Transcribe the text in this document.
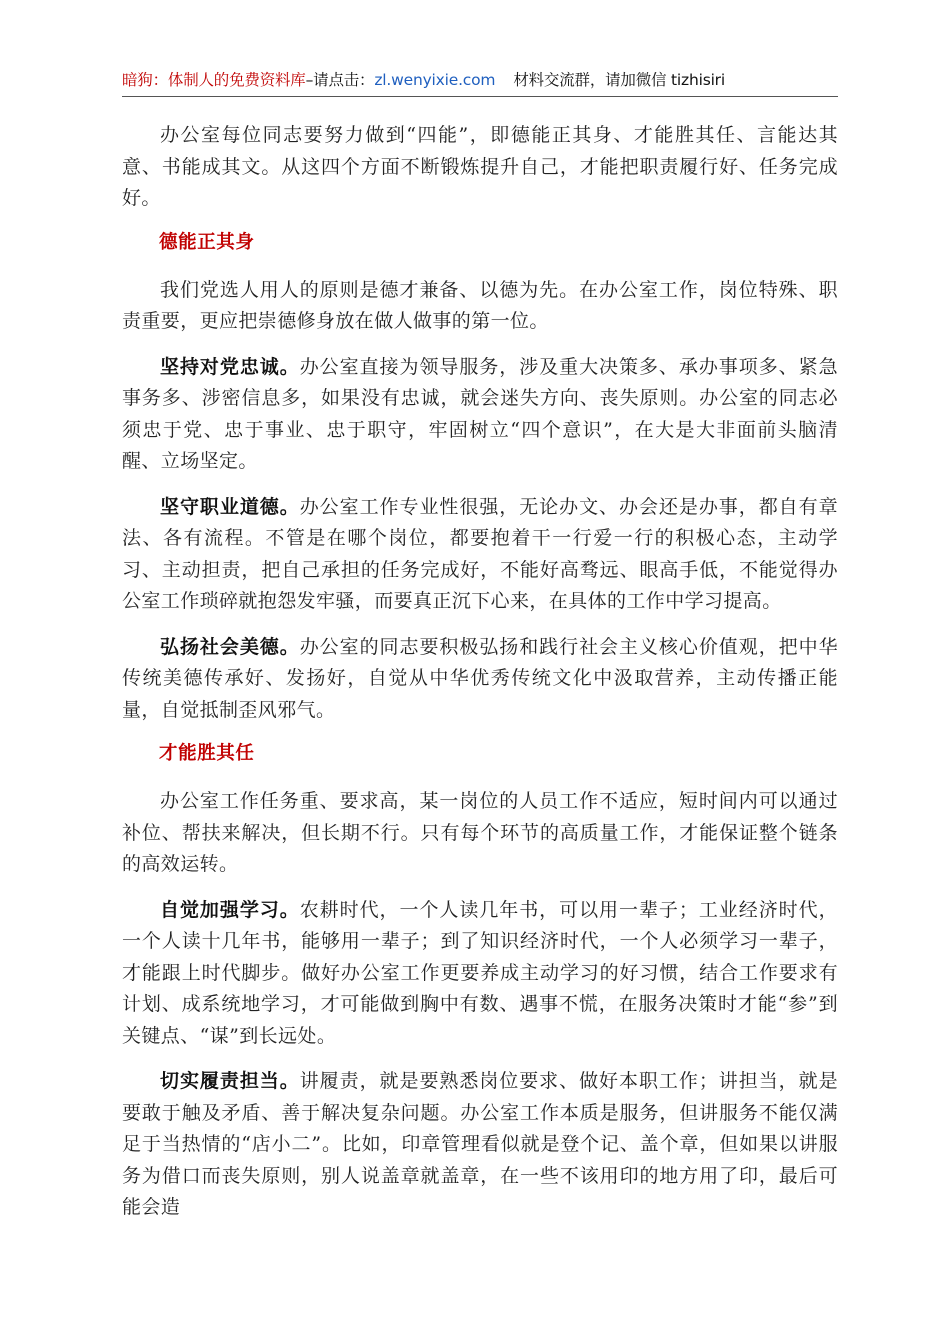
暗狗：体制人的免费资料库–请点击：zl.wenyixie.com 材料交流群，请加微信 tizhisiri

办公室每位同志要努力做到“四能”，即德能正其身、才能胜其任、言能达其意、书能成其文。从这四个方面不断锻炼提升自己，才能把职责履行好、任务完成好。

德能正其身

我们党选人用人的原则是德才兼备、以德为先。在办公室工作，岗位特殊、职责重要，更应把崇德修身放在做人做事的第一位。

坚持对党忠诚。办公室直接为领导服务，涉及重大决策多、承办事项多、紧急事务多、涉密信息多，如果没有忠诚，就会迷失方向、丧失原则。办公室的同志必须忠于党、忠于事业、忠于职守，牢固树立“四个意识”，在大是大非面前头脑清醒、立场坚定。

坚守职业道德。办公室工作专业性很强，无论办文、办会还是办事，都自有章法、各有流程。不管是在哪个岗位，都要抱着干一行爱一行的积极心态，主动学习、主动担责，把自己承担的任务完成好，不能好高骛远、眼高手低，不能觉得办公室工作琐碎就抱怨发牢骚，而要真正沉下心来，在具体的工作中学习提高。

弘扬社会美德。办公室的同志要积极弘扬和践行社会主义核心价值观，把中华传统美德传承好、发扬好，自觉从中华优秀传统文化中汲取营养，主动传播正能量，自觉抵制歪风邪气。

才能胜其任

办公室工作任务重、要求高，某一岗位的人员工作不适应，短时间内可以通过补位、帮扶来解决，但长期不行。只有每个环节的高质量工作，才能保证整个链条的高效运转。

自觉加强学习。农耕时代，一个人读几年书，可以用一辈子；工业经济时代，一个人读十几年书，能够用一辈子；到了知识经济时代，一个人必须学习一辈子，才能跟上时代脚步。做好办公室工作更要养成主动学习的好习惯，结合工作要求有计划、成系统地学习，才可能做到胸中有数、遇事不慌，在服务决策时才能“参”到关键点、“谋”到长远处。

切实履责担当。讲履责，就是要熟悉岗位要求、做好本职工作；讲担当，就是要敢于触及矛盾、善于解决复杂问题。办公室工作本质是服务，但讲服务不能仅满足于当热情的“店小二”。比如，印章管理看似就是登个记、盖个章，但如果以讲服务为借口而丧失原则，别人说盖章就盖章，在一些不该用印的地方用了印，最后可能会造
